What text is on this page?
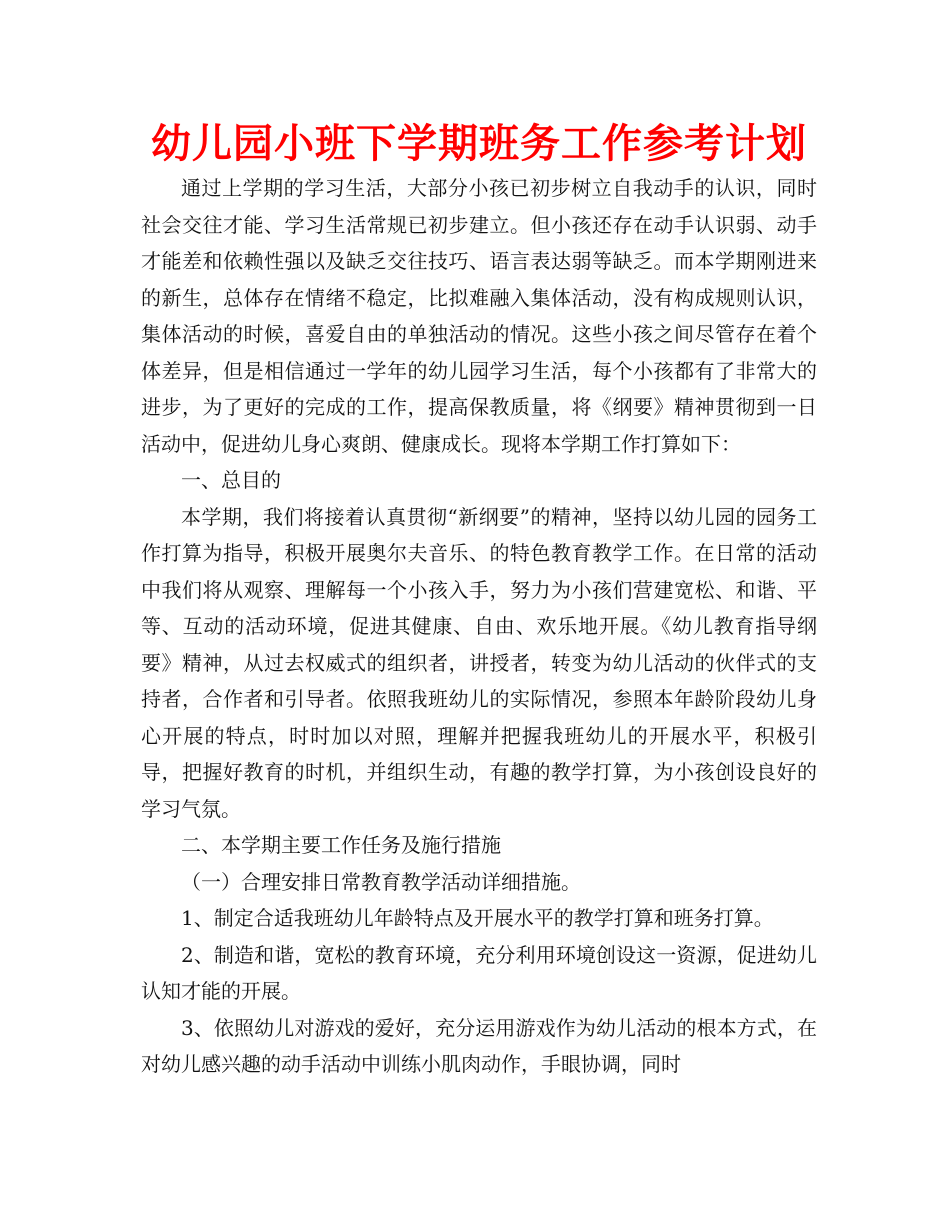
幼儿园小班下学期班务工作参考计划

通过上学期的学习生活，大部分小孩已初步树立自我动手的认识，同时社会交往才能、学习生活常规已初步建立。但小孩还存在动手认识弱、动手才能差和依赖性强以及缺乏交往技巧、语言表达弱等缺乏。而本学期刚进来的新生，总体存在情绪不稳定，比拟难融入集体活动，没有构成规则认识，集体活动的时候，喜爱自由的单独活动的情况。这些小孩之间尽管存在着个体差异，但是相信通过一学年的幼儿园学习生活，每个小孩都有了非常大的进步，为了更好的完成的工作，提高保教质量，将《纲要》精神贯彻到一日活动中，促进幼儿身心爽朗、健康成长。现将本学期工作打算如下：

一、总目的

本学期，我们将接着认真贯彻“新纲要”的精神，坚持以幼儿园的园务工作打算为指导，积极开展奥尔夫音乐、的特色教育教学工作。在日常的活动中我们将从观察、理解每一个小孩入手，努力为小孩们营建宽松、和谐、平等、互动的活动环境，促进其健康、自由、欢乐地开展。《幼儿教育指导纲要》精神，从过去权威式的组织者，讲授者，转变为幼儿活动的伙伴式的支持者，合作者和引导者。依照我班幼儿的实际情况，参照本年龄阶段幼儿身心开展的特点，时时加以对照，理解并把握我班幼儿的开展水平，积极引导，把握好教育的时机，并组织生动，有趣的教学打算，为小孩创设良好的学习气氛。

二、本学期主要工作任务及施行措施

（一）合理安排日常教育教学活动详细措施。

1、制定合适我班幼儿年龄特点及开展水平的教学打算和班务打算。

2、制造和谐，宽松的教育环境，充分利用环境创设这一资源，促进幼儿认知才能的开展。

3、依照幼儿对游戏的爱好，充分运用游戏作为幼儿活动的根本方式，在对幼儿感兴趣的动手活动中训练小肌肉动作，手眼协调，同时
